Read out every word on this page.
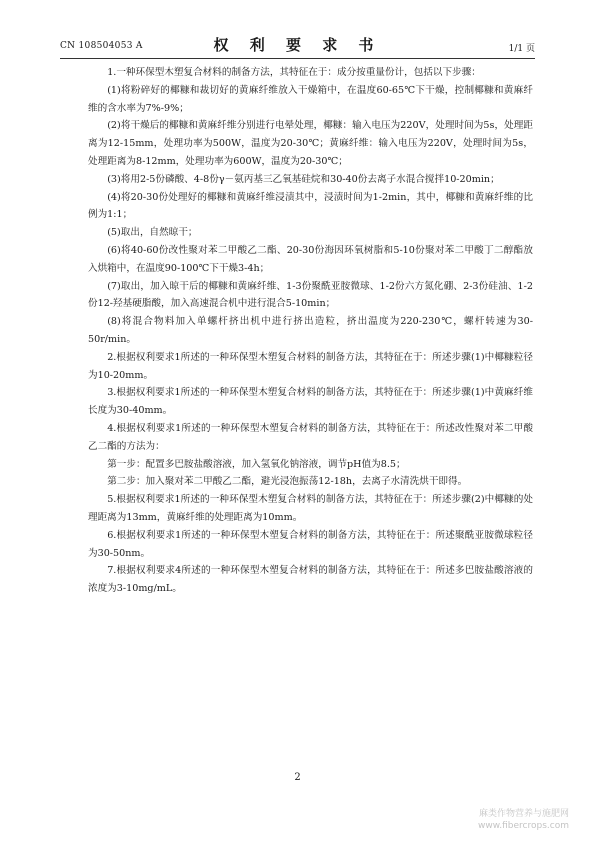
CN 108504053 A	权 利 要 求 书	1/1 页

1.一种环保型木塑复合材料的制备方法，其特征在于：成分按重量份计，包括以下步骤：

(1)将粉碎好的椰糠和裁切好的黄麻纤维放入干燥箱中，在温度60-65℃下干燥，控制椰糠和黄麻纤维的含水率为7%-9%；

(2)将干燥后的椰糠和黄麻纤维分别进行电晕处理，椰糠：输入电压为220V，处理时间为5s，处理距离为12-15mm，处理功率为500W，温度为20-30℃；黄麻纤维：输入电压为220V，处理时间为5s，处理距离为8-12mm，处理功率为600W，温度为20-30℃；

(3)将用2-5份磷酸、4-8份γ－氨丙基三乙氧基硅烷和30-40份去离子水混合搅拌10-20min；

(4)将20-30份处理好的椰糠和黄麻纤维浸渍其中，浸渍时间为1-2min，其中，椰糠和黄麻纤维的比例为1:1；

(5)取出，自然晾干；

(6)将40-60份改性聚对苯二甲酸乙二酯、20-30份海因环氧树脂和5-10份聚对苯二甲酸丁二醇酯放入烘箱中，在温度90-100℃下干燥3-4h；

(7)取出，加入晾干后的椰糠和黄麻纤维、1-3份聚酰亚胺微球、1-2份六方氮化硼、2-3份硅油、1-2份12-羟基硬脂酸，加入高速混合机中进行混合5-10min；

(8)将混合物料加入单螺杆挤出机中进行挤出造粒，挤出温度为220-230℃，螺杆转速为30-50r/min。

2.根据权利要求1所述的一种环保型木塑复合材料的制备方法，其特征在于：所述步骤(1)中椰糠粒径为10-20mm。

3.根据权利要求1所述的一种环保型木塑复合材料的制备方法，其特征在于：所述步骤(1)中黄麻纤维长度为30-40mm。

4.根据权利要求1所述的一种环保型木塑复合材料的制备方法，其特征在于：所述改性聚对苯二甲酸乙二酯的方法为：

第一步：配置多巴胺盐酸溶液，加入氢氧化钠溶液，调节pH值为8.5；

第二步：加入聚对苯二甲酸乙二酯，避光浸泡振荡12-18h，去离子水清洗烘干即得。

5.根据权利要求1所述的一种环保型木塑复合材料的制备方法，其特征在于：所述步骤(2)中椰糠的处理距离为13mm，黄麻纤维的处理距离为10mm。

6.根据权利要求1所述的一种环保型木塑复合材料的制备方法，其特征在于：所述聚酰亚胺微球粒径为30-50nm。

7.根据权利要求4所述的一种环保型木塑复合材料的制备方法，其特征在于：所述多巴胺盐酸溶液的浓度为3-10mg/mL。

2
麻类作物营养与施肥网
www.fibercrops.com
